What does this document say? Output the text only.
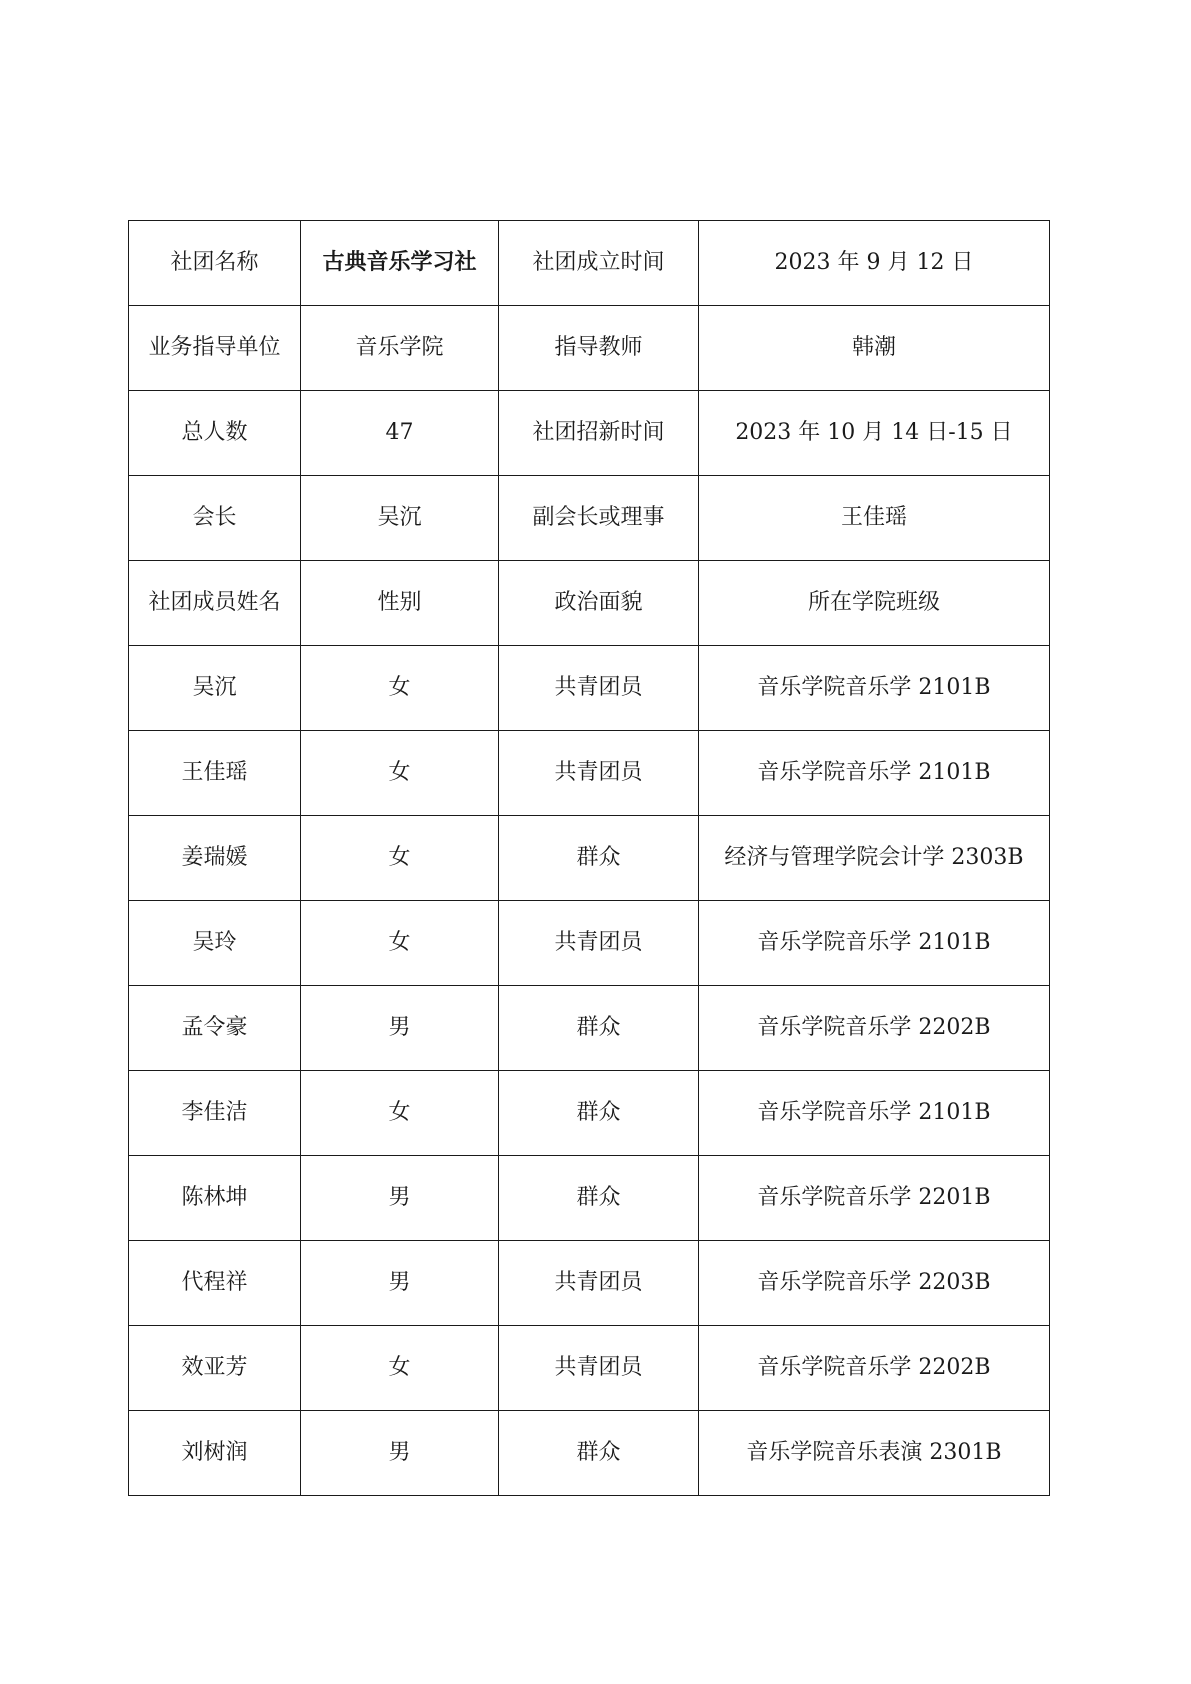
社团名称	古典音乐学习社	社团成立时间	2023 年 9 月 12 日
业务指导单位	音乐学院	指导教师	韩潮
总人数	47	社团招新时间	2023 年 10 月 14 日-15 日
会长	吴沉	副会长或理事	王佳瑶
社团成员姓名	性别	政治面貌	所在学院班级
吴沉	女	共青团员	音乐学院音乐学 2101B
王佳瑶	女	共青团员	音乐学院音乐学 2101B
姜瑞媛	女	群众	经济与管理学院会计学 2303B
吴玲	女	共青团员	音乐学院音乐学 2101B
孟令豪	男	群众	音乐学院音乐学 2202B
李佳洁	女	群众	音乐学院音乐学 2101B
陈林坤	男	群众	音乐学院音乐学 2201B
代程祥	男	共青团员	音乐学院音乐学 2203B
效亚芳	女	共青团员	音乐学院音乐学 2202B
刘树润	男	群众	音乐学院音乐表演 2301B
